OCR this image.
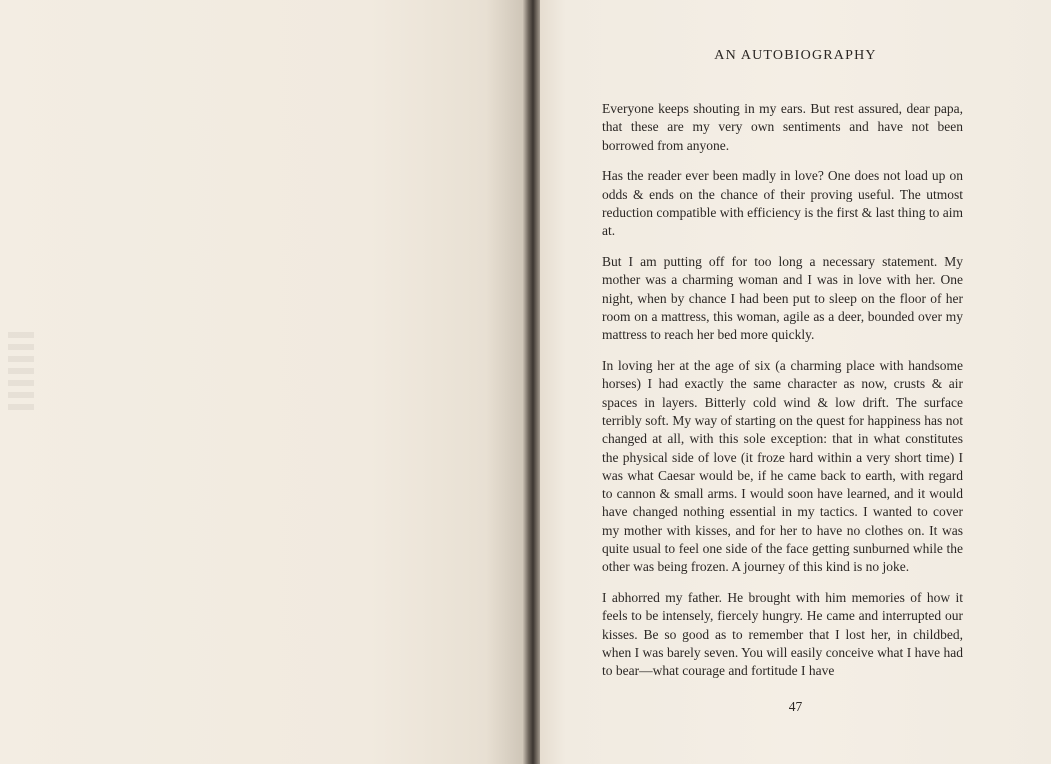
AN AUTOBIOGRAPHY

Everyone keeps shouting in my ears. But rest assured, dear papa, that these are my very own sentiments and have not been borrowed from anyone.

Has the reader ever been madly in love? One does not load up on odds & ends on the chance of their proving useful. The utmost reduction compatible with efficiency is the first & last thing to aim at.

But I am putting off for too long a necessary statement. My mother was a charming woman and I was in love with her. One night, when by chance I had been put to sleep on the floor of her room on a mattress, this woman, agile as a deer, bounded over my mattress to reach her bed more quickly.

In loving her at the age of six (a charming place with handsome horses) I had exactly the same character as now, crusts & air spaces in layers. Bitterly cold wind & low drift. The surface terribly soft. My way of starting on the quest for happiness has not changed at all, with this sole exception: that in what constitutes the physical side of love (it froze hard within a very short time) I was what Caesar would be, if he came back to earth, with regard to cannon & small arms. I would soon have learned, and it would have changed nothing essential in my tactics. I wanted to cover my mother with kisses, and for her to have no clothes on. It was quite usual to feel one side of the face getting sunburned while the other was being frozen. A journey of this kind is no joke.

I abhorred my father. He brought with him memories of how it feels to be intensely, fiercely hungry. He came and interrupted our kisses. Be so good as to remember that I lost her, in childbed, when I was barely seven. You will easily conceive what I have had to bear—what courage and fortitude I have

47
